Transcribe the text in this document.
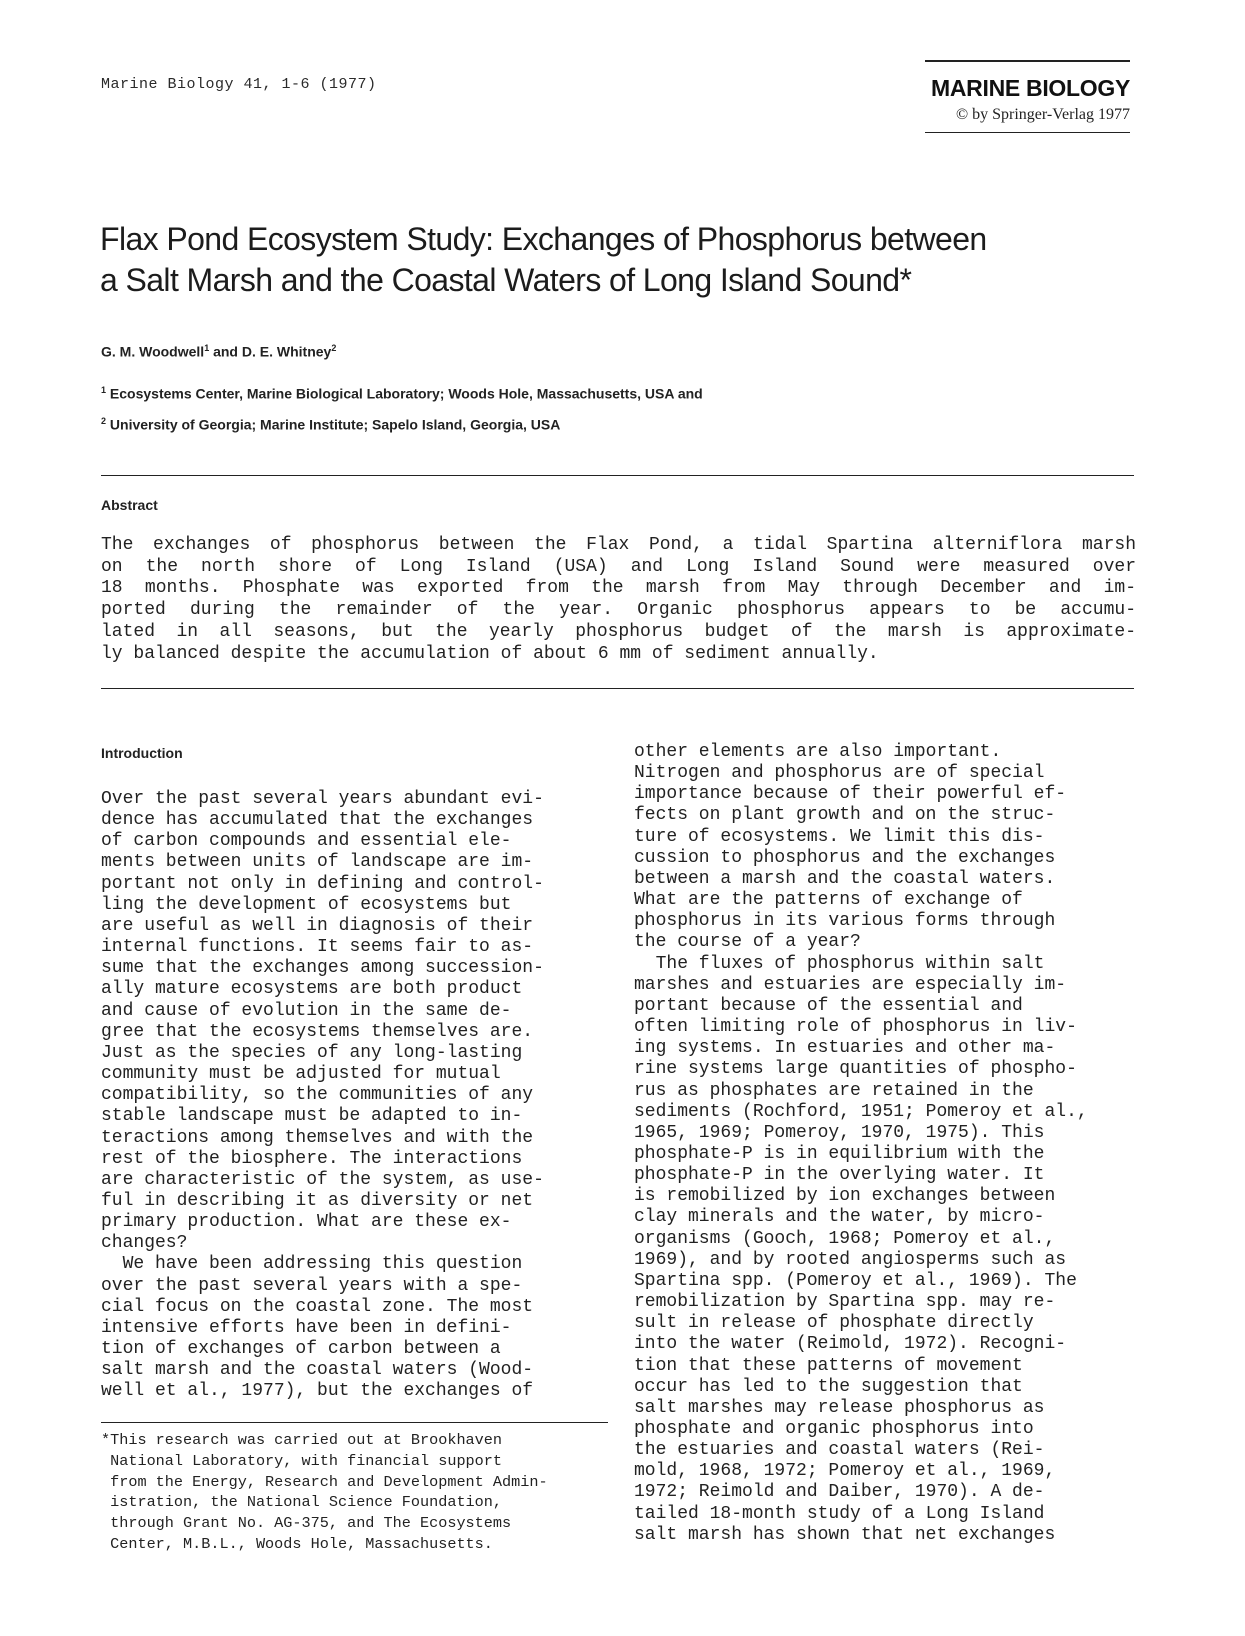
Marine Biology 41, 1-6 (1977)	MARINE BIOLOGY
© by Springer-Verlag 1977
Flax Pond Ecosystem Study: Exchanges of Phosphorus between
a Salt Marsh and the Coastal Waters of Long Island Sound*
G. M. Woodwell$^1$ and D. E. Whitney$^2$
$^1$ Ecosystems Center, Marine Biological Laboratory; Woods Hole, Massachusetts, USA and
$^2$ University of Georgia; Marine Institute; Sapelo Island, Georgia, USA
Abstract
The exchanges of phosphorus between the Flax Pond, a tidal Spartina alterniflora marsh
on the north shore of Long Island (USA) and Long Island Sound were measured over
18 months. Phosphate was exported from the marsh from May through December and im-
ported during the remainder of the year. Organic phosphorus appears to be accumu-
lated in all seasons, but the yearly phosphorus budget of the marsh is approximate-
ly balanced despite the accumulation of about 6 mm of sediment annually.
Introduction
Over the past several years abundant evi-
dence has accumulated that the exchanges
of carbon compounds and essential ele-
ments between units of landscape are im-
portant not only in defining and control-
ling the development of ecosystems but
are useful as well in diagnosis of their
internal functions. It seems fair to as-
sume that the exchanges among succession-
ally mature ecosystems are both product
and cause of evolution in the same de-
gree that the ecosystems themselves are.
Just as the species of any long-lasting
community must be adjusted for mutual
compatibility, so the communities of any
stable landscape must be adapted to in-
teractions among themselves and with the
rest of the biosphere. The interactions
are characteristic of the system, as use-
ful in describing it as diversity or net
primary production. What are these ex-
changes?
We have been addressing this question
over the past several years with a spe-
cial focus on the coastal zone. The most
intensive efforts have been in defini-
tion of exchanges of carbon between a
salt marsh and the coastal waters (Wood-
well et al., 1977), but the exchanges of
other elements are also important.
Nitrogen and phosphorus are of special
importance because of their powerful ef-
fects on plant growth and on the struc-
ture of ecosystems. We limit this dis-
cussion to phosphorus and the exchanges
between a marsh and the coastal waters.
What are the patterns of exchange of
phosphorus in its various forms through
the course of a year?
The fluxes of phosphorus within salt
marshes and estuaries are especially im-
portant because of the essential and
often limiting role of phosphorus in liv-
ing systems. In estuaries and other ma-
rine systems large quantities of phospho-
rus as phosphates are retained in the
sediments (Rochford, 1951; Pomeroy et al.,
1965, 1969; Pomeroy, 1970, 1975). This
phosphate-P is in equilibrium with the
phosphate-P in the overlying water. It
is remobilized by ion exchanges between
clay minerals and the water, by micro-
organisms (Gooch, 1968; Pomeroy et al.,
1969), and by rooted angiosperms such as
Spartina spp. (Pomeroy et al., 1969). The
remobilization by Spartina spp. may re-
sult in release of phosphate directly
into the water (Reimold, 1972). Recogni-
tion that these patterns of movement
occur has led to the suggestion that
salt marshes may release phosphorus as
phosphate and organic phosphorus into
the estuaries and coastal waters (Rei-
mold, 1968, 1972; Pomeroy et al., 1969,
1972; Reimold and Daiber, 1970). A de-
tailed 18-month study of a Long Island
salt marsh has shown that net exchanges
*This research was carried out at Brookhaven
National Laboratory, with financial support
from the Energy, Research and Development Admin-
istration, the National Science Foundation,
through Grant No. AG-375, and The Ecosystems
Center, M.B.L., Woods Hole, Massachusetts.
